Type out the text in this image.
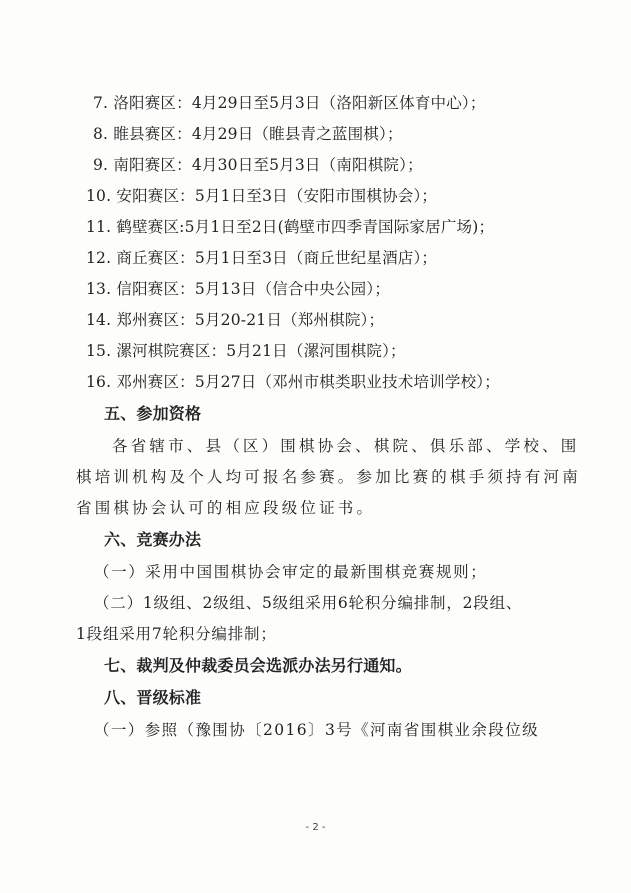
7. 洛阳赛区：4月29日至5月3日（洛阳新区体育中心）；
8. 睢县赛区：4月29日（睢县青之蓝围棋）；
9. 南阳赛区：4月30日至5月3日（南阳棋院）；
10. 安阳赛区：5月1日至3日（安阳市围棋协会）；
11. 鹤壁赛区:5月1日至2日(鹤壁市四季青国际家居广场)；
12. 商丘赛区：5月1日至3日（商丘世纪星酒店）；
13. 信阳赛区：5月13日（信合中央公园）；
14. 郑州赛区：5月20-21日（郑州棋院）；
15. 漯河棋院赛区：5月21日（漯河围棋院）；
16. 邓州赛区：5月27日（邓州市棋类职业技术培训学校）；
五、参加资格
各省辖市、县（区）围棋协会、棋院、俱乐部、学校、围
棋培训机构及个人均可报名参赛。参加比赛的棋手须持有河南
省围棋协会认可的相应段级位证书。
六、竞赛办法
（一）采用中国围棋协会审定的最新围棋竞赛规则；
（二）1级组、2级组、5级组采用6轮积分编排制，2段组、
1段组采用7轮积分编排制；
七、裁判及仲裁委员会选派办法另行通知。
八、晋级标准
（一）参照（豫围协〔2016〕3号《河南省围棋业余段位级
- 2 -
